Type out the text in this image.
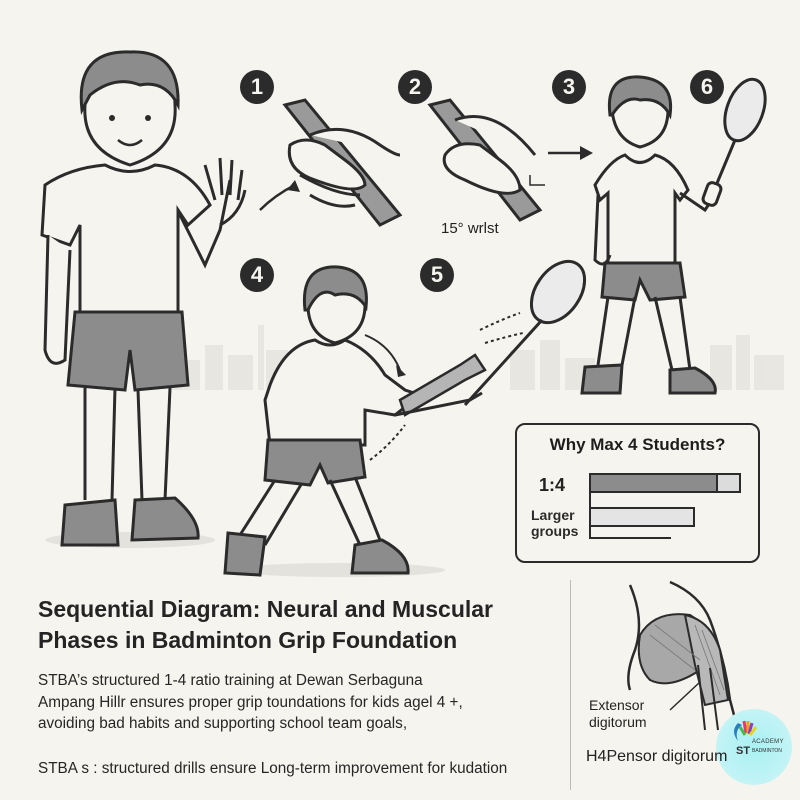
1	2
15° wrlst
3	6
4	5
Why Max 4 Students?
1:4
Larger groups
Sequential Diagram: Neural and Muscular
Phases in Badminton Grip Foundation
STBA’s structured 1-4 ratio training at Dewan Serbaguna
Ampang Hillr ensures proper grip toundations for kids agel 4 +,
avoiding bad habits and supporting school team goals,
STBA s : structured drills ensure Long-term improvement for kudation
Extensor
digitorum
ACADEMY
ST BADMINTON
H4Pensor digitorum
